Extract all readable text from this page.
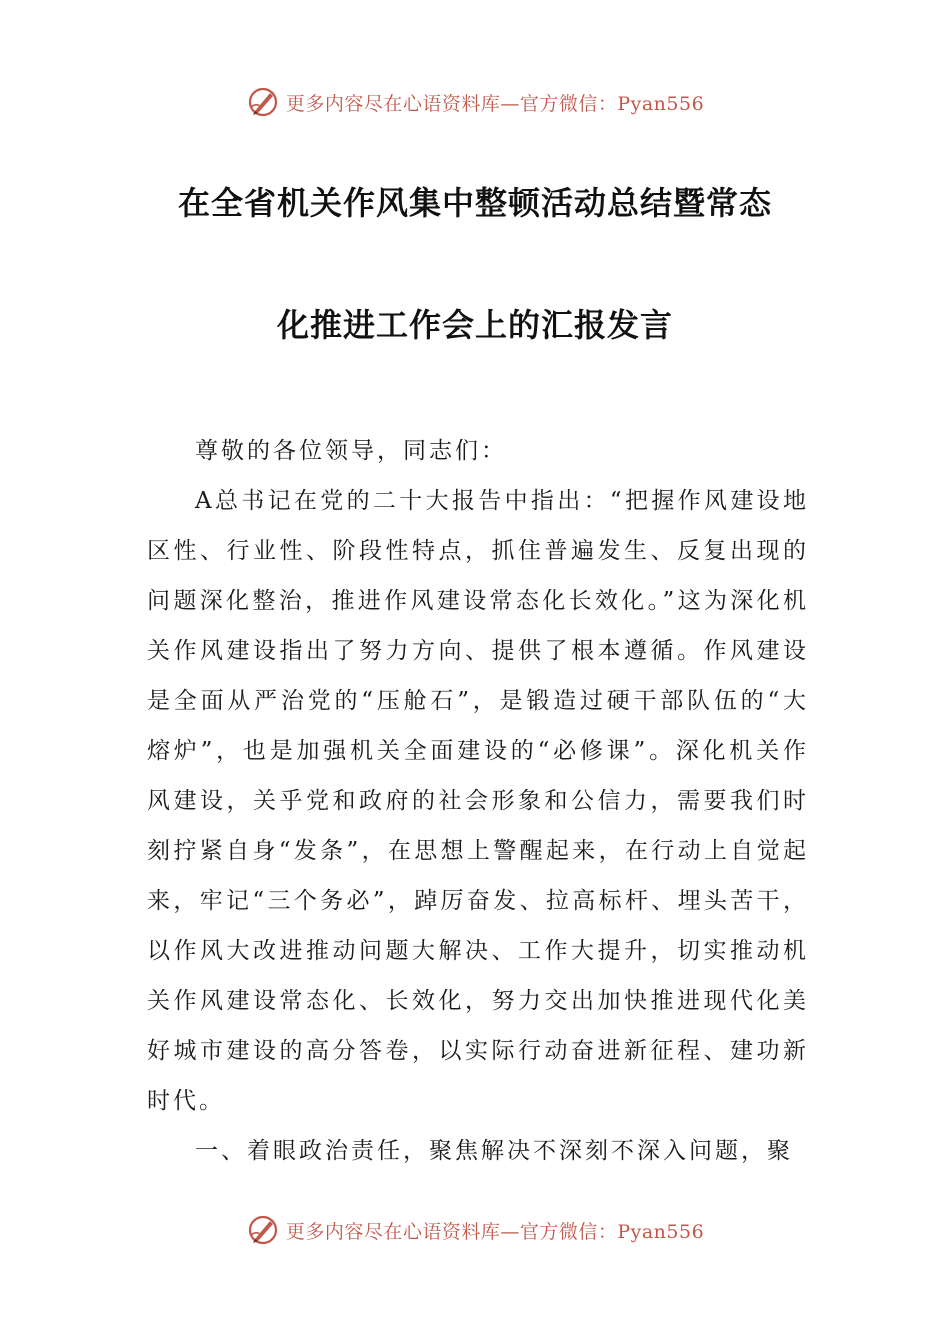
更多内容尽在心语资料库—官方微信：Pyan556
在全省机关作风集中整顿活动总结暨常态
化推进工作会上的汇报发言

尊敬的各位领导，同志们：

A总书记在党的二十大报告中指出：“把握作风建设地区性、行业性、阶段性特点，抓住普遍发生、反复出现的问题深化整治，推进作风建设常态化长效化。”这为深化机关作风建设指出了努力方向、提供了根本遵循。作风建设是全面从严治党的“压舱石”，是锻造过硬干部队伍的“大熔炉”，也是加强机关全面建设的“必修课”。深化机关作风建设，关乎党和政府的社会形象和公信力，需要我们时刻拧紧自身“发条”，在思想上警醒起来，在行动上自觉起来，牢记“三个务必”，踔厉奋发、拉高标杆、埋头苦干，以作风大改进推动问题大解决、工作大提升，切实推动机关作风建设常态化、长效化，努力交出加快推进现代化美好城市建设的高分答卷，以实际行动奋进新征程、建功新时代。

一、着眼政治责任，聚焦解决不深刻不深入问题，聚

更多内容尽在心语资料库—官方微信：Pyan556
